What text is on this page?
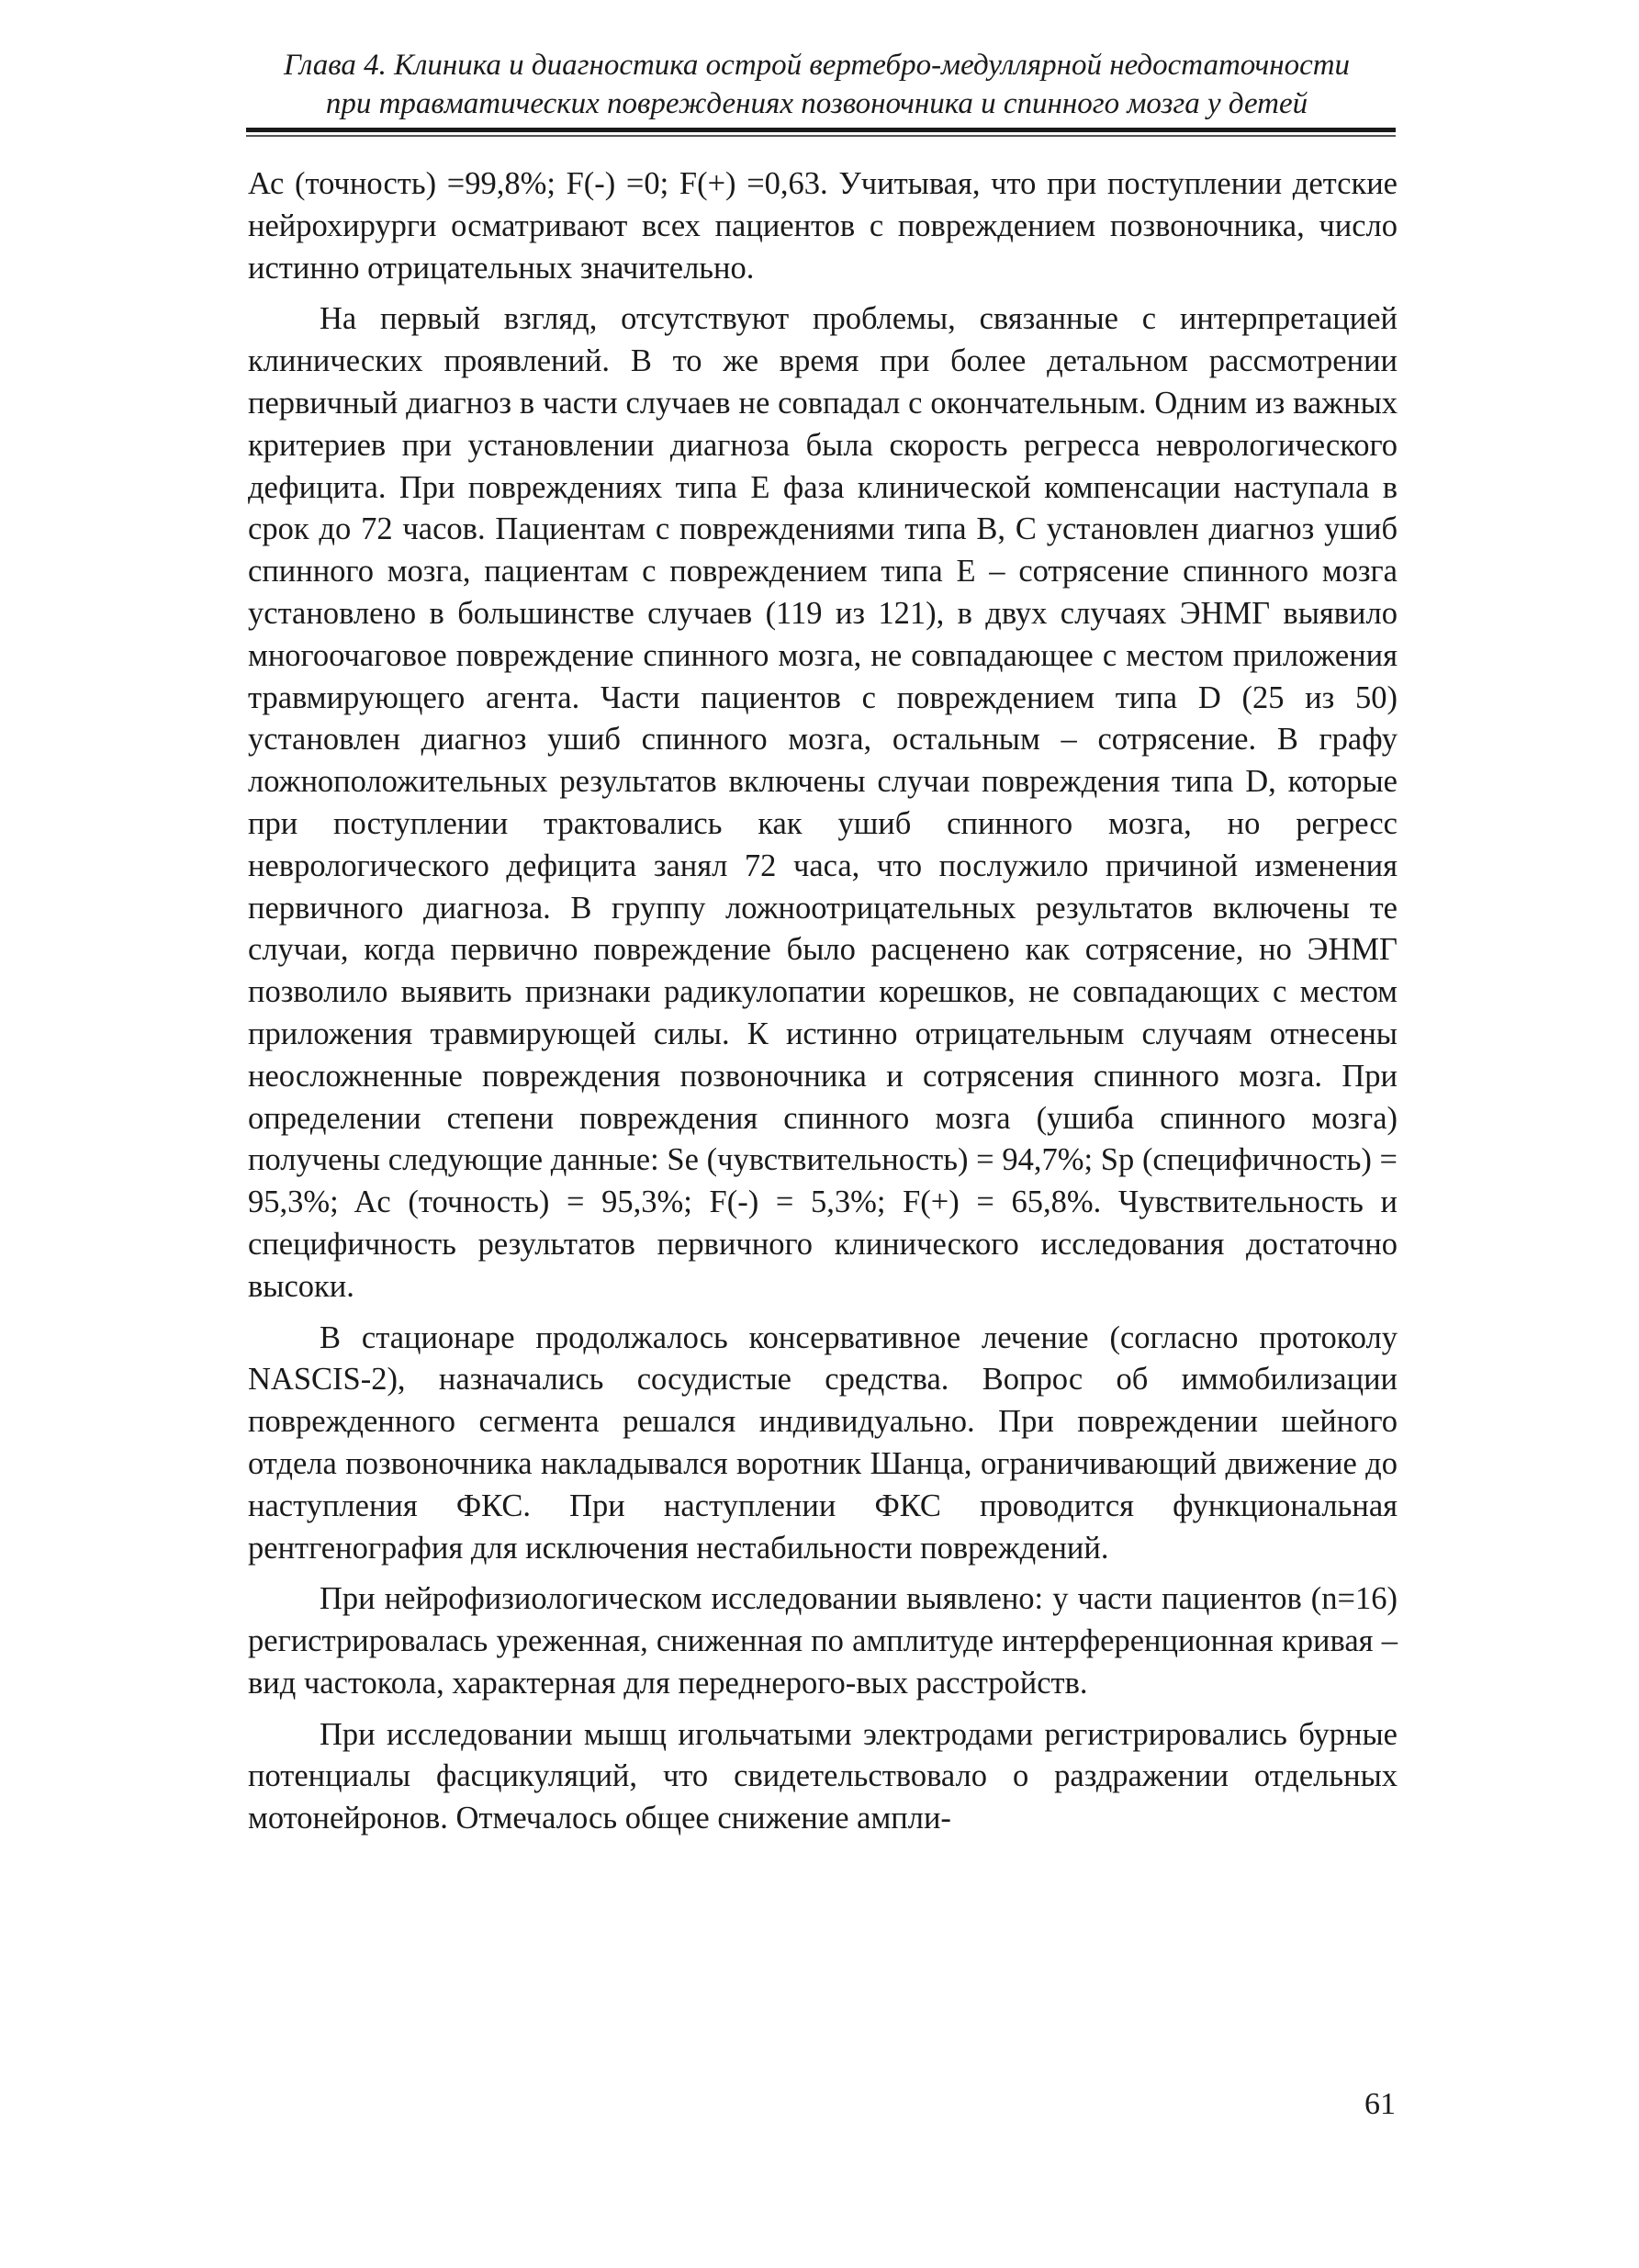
Глава 4. Клиника и диагностика острой вертебро-медуллярной недостаточности
при травматических повреждениях позвоночника и спинного мозга у детей

Ас (точность) =99,8%; F(-) =0; F(+) =0,63. Учитывая, что при поступлении детские нейрохирурги осматривают всех пациентов с повреждением позвоночника, число истинно отрицательных значительно.

На первый взгляд, отсутствуют проблемы, связанные с интерпретацией клинических проявлений. В то же время при более детальном рассмотрении первичный диагноз в части случаев не совпадал с окончательным. Одним из важных критериев при установлении диагноза была скорость регресса неврологического дефицита. При повреждениях типа E фаза клинической компенсации наступала в срок до 72 часов. Пациентам с повреждениями типа B, C установлен диагноз ушиб спинного мозга, пациентам с повреждением типа E – сотрясение спинного мозга установлено в большинстве случаев (119 из 121), в двух случаях ЭНМГ выявило многоочаговое повреждение спинного мозга, не совпадающее с местом приложения травмирующего агента. Части пациентов с повреждением типа D (25 из 50) установлен диагноз ушиб спинного мозга, остальным – сотрясение. В графу ложноположительных результатов включены случаи повреждения типа D, которые при поступлении трактовались как ушиб спинного мозга, но регресс неврологического дефицита занял 72 часа, что послужило причиной изменения первичного диагноза. В группу ложноотрицательных результатов включены те случаи, когда первично повреждение было расценено как сотрясение, но ЭНМГ позволило выявить признаки радикулопатии корешков, не совпадающих с местом приложения травмирующей силы. К истинно отрицательным случаям отнесены неосложненные повреждения позвоночника и сотрясения спинного мозга. При определении степени повреждения спинного мозга (ушиба спинного мозга) получены следующие данные: Se (чувствительность) = 94,7%; Sp (специфичность) = 95,3%; Ac (точность) = 95,3%; F(-) = 5,3%; F(+) = 65,8%. Чувствительность и специфичность результатов первичного клинического исследования достаточно высоки.

В стационаре продолжалось консервативное лечение (согласно протоколу NASCIS-2), назначались сосудистые средства. Вопрос об иммобилизации поврежденного сегмента решался индивидуально. При повреждении шейного отдела позвоночника накладывался воротник Шанца, ограничивающий движение до наступления ФКС. При наступлении ФКС проводится функциональная рентгенография для исключения нестабильности повреждений.

При нейрофизиологическом исследовании выявлено: у части пациентов (n=16) регистрировалась уреженная, сниженная по амплитуде интерференционная кривая – вид частокола, характерная для переднерого-вых расстройств.

При исследовании мышц игольчатыми электродами регистрировались бурные потенциалы фасцикуляций, что свидетельствовало о раздражении отдельных мотонейронов. Отмечалось общее снижение ампли-

61
